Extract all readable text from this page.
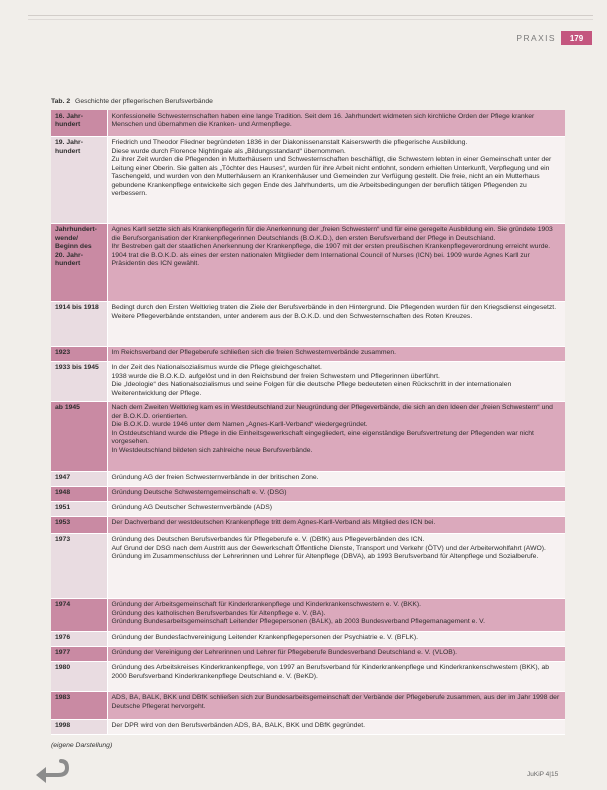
PRAXIS	179
Tab. 2 Geschichte der pflegerischen Berufsverbände
16. Jahrhundert	Konfessionelle Schwesternschaften haben eine lange Tradition. Seit dem 16. Jahrhundert widmeten sich kirchliche Orden der Pflege kranker Menschen und übernahmen die Kranken- und Armenpflege.

19. Jahrhundert	Friedrich und Theodor Fliedner begründeten 1836 in der Diakonissenanstalt Kaiserswerth die pflegerische Ausbildung.

Diese wurde durch Florence Nightingale als „Bildungsstandard“ übernommen.

Zu ihrer Zeit wurden die Pflegenden in Mutterhäusern und Schwesternschaften beschäftigt, die Schwestern lebten in einer Gemeinschaft unter der Leitung einer Oberin. Sie galten als „Töchter des Hauses“, wurden für ihre Arbeit nicht entlohnt, sondern erhielten Unterkunft, Verpflegung und ein Taschengeld, und wurden von den Mutterhäusern an Krankenhäuser und Gemeinden zur Verfügung gestellt. Die freie, nicht an ein Mutterhaus gebundene Krankenpflege entwickelte sich gegen Ende des Jahrhunderts, um die Arbeitsbedingungen der beruflich tätigen Pflegenden zu verbessern.

Jahrhundertwende/ Beginn des 20. Jahrhundert	Agnes Karll setzte sich als Krankenpflegerin für die Anerkennung der „freien Schwestern“ und für eine geregelte Ausbildung ein. Sie gründete 1903 die Berufsorganisation der Krankenpflegerinnen Deutschlands (B.O.K.D.), den ersten Berufsverband der Pflege in Deutschland.

Ihr Bestreben galt der staatlichen Anerkennung der Krankenpflege, die 1907 mit der ersten preußischen Krankenpflegeverordnung erreicht wurde. 1904 trat die B.O.K.D. als eines der ersten nationalen Mitglieder dem International Council of Nurses (ICN) bei. 1909 wurde Agnes Karll zur Präsidentin des ICN gewählt.

1914 bis 1918	Bedingt durch den Ersten Weltkrieg traten die Ziele der Berufsverbände in den Hintergrund. Die Pflegenden wurden für den Kriegsdienst eingesetzt.

Weitere Pflegeverbände entstanden, unter anderem aus der B.O.K.D. und den Schwesternschaften des Roten Kreuzes.

1923	Im Reichsverband der Pflegeberufe schließen sich die freien Schwesternverbände zusammen.

1933 bis 1945	In der Zeit des Nationalsozialismus wurde die Pflege gleichgeschaltet.

1938 wurde die B.O.K.D. aufgelöst und in den Reichsbund der freien Schwestern und Pflegerinnen überführt.

Die „Ideologie“ des Nationalsozialismus und seine Folgen für die deutsche Pflege bedeuteten einen Rückschritt in der internationalen Weiterentwicklung der Pflege.

ab 1945	Nach dem Zweiten Weltkrieg kam es in Westdeutschland zur Neugründung der Pflegeverbände, die sich an den Ideen der „freien Schwestern“ und der B.O.K.D. orientierten.

Die B.O.K.D. wurde 1946 unter dem Namen „Agnes-Karll-Verband“ wiedergegründet.

In Ostdeutschland wurde die Pflege in die Einheitsgewerkschaft eingegliedert, eine eigenständige Berufsvertretung der Pflegenden war nicht vorgesehen.

In Westdeutschland bildeten sich zahlreiche neue Berufsverbände.

1947	Gründung AG der freien Schwesternverbände in der britischen Zone.

1948	Gründung Deutsche Schwesterngemeinschaft e. V. (DSG)

1951	Gründung AG Deutscher Schwesternverbände (ADS)

1953	Der Dachverband der westdeutschen Krankenpflege tritt dem Agnes-Karll-Verband als Mitglied des ICN bei.

1973	Gründung des Deutschen Berufsverbandes für Pflegeberufe e. V. (DBfK) aus Pflegeverbänden des ICN.

Auf Grund der DSG nach dem Austritt aus der Gewerkschaft Öffentliche Dienste, Transport und Verkehr (ÖTV) und der Arbeiterwohlfahrt (AWO).

Gründung im Zusammenschluss der Lehrerinnen und Lehrer für Altenpflege (DBVA), ab 1993 Berufsverband für Altenpflege und Sozialberufe.

1974	Gründung der Arbeitsgemeinschaft für Kinderkrankenpflege und Kinderkrankenschwestern e. V. (BKK).

Gründung des katholischen Berufsverbandes für Altenpflege e. V. (BA).

Gründung Bundesarbeitsgemeinschaft Leitender Pflegepersonen (BALK), ab 2003 Bundesverband Pflegemanagement e. V.

1976	Gründung der Bundesfachvereinigung Leitender Krankenpflegepersonen der Psychiatrie e. V. (BFLK).

1977	Gründung der Vereinigung der Lehrerinnen und Lehrer für Pflegeberufe Bundesverband Deutschland e. V. (VLOB).

1980	Gründung des Arbeitskreises Kinderkrankenpflege, von 1997 an Berufsverband für Kinderkrankenpflege und Kinderkrankenschwestern (BKK), ab 2000 Berufsverband Kinderkrankenpflege Deutschland e. V. (BeKD).

1983	ADS, BA, BALK, BKK und DBfK schließen sich zur Bundesarbeitsgemeinschaft der Verbände der Pflegeberufe zusammen, aus der im Jahr 1998 der Deutsche Pflegerat hervorgeht.

1998	Der DPR wird von den Berufsverbänden ADS, BA, BALK, BKK und DBfK gegründet.

(eigene Darstellung)
JuKiP 4|15
